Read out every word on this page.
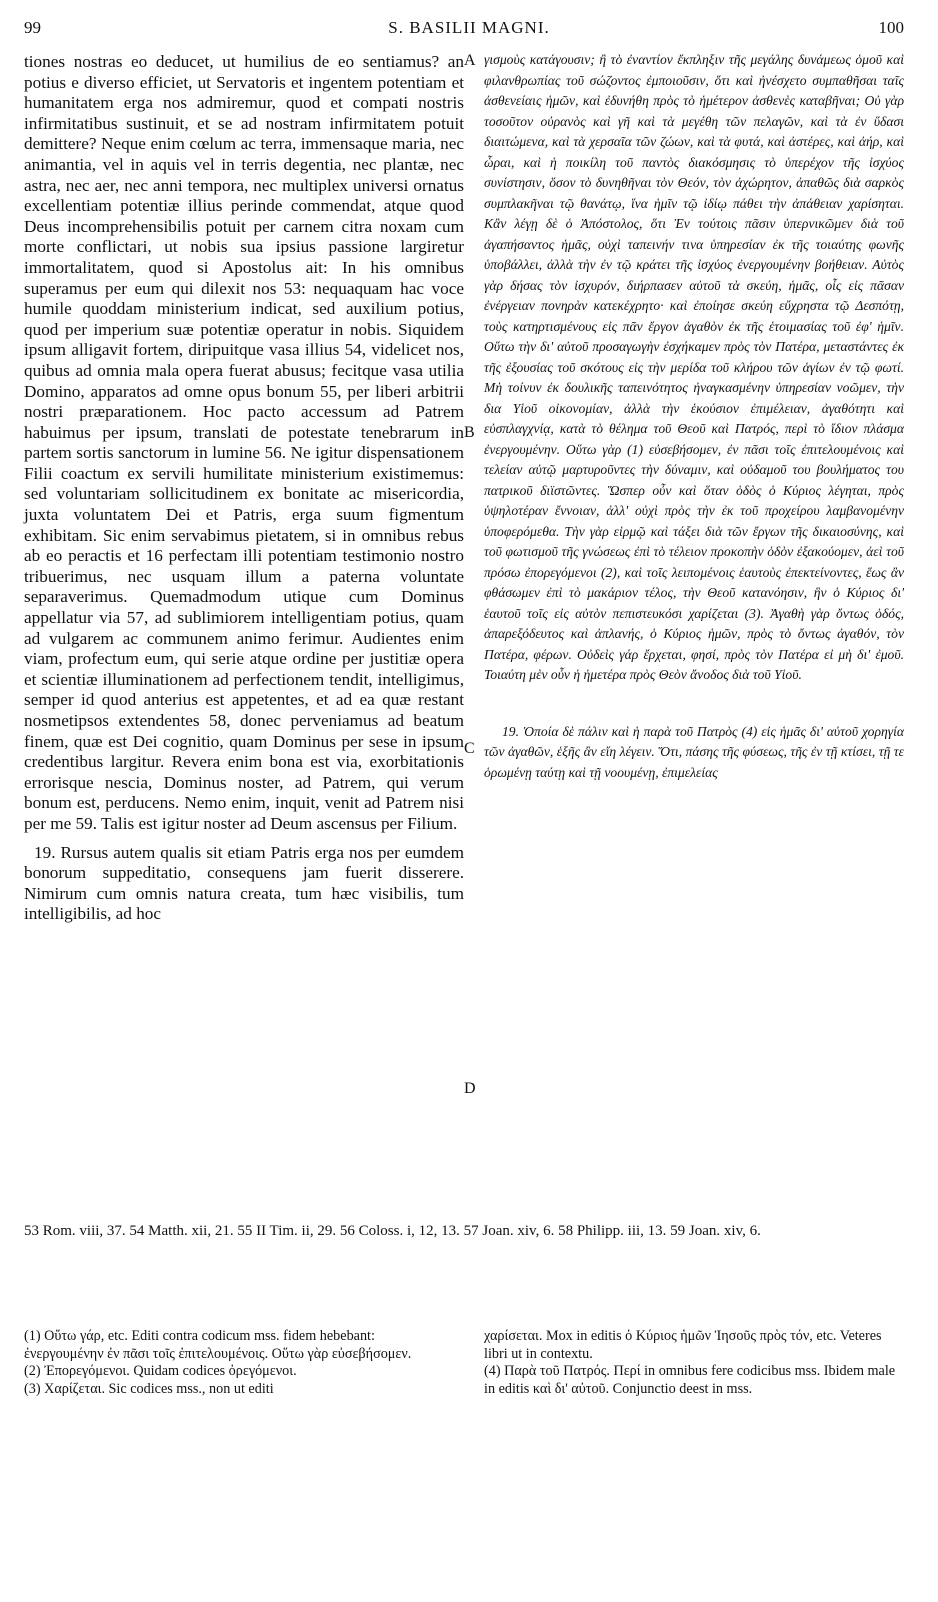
99	S. BASILII MAGNI.	100

tiones nostras eo deducet, ut humilius de eo sentiamus? an potius e diverso efficiet, ut Servatoris et ingentem potentiam et humanitatem erga nos admiremur, quod et compati nostris infirmitatibus sustinuit, et se ad nostram infirmitatem potuit demittere? Neque enim cœlum ac terra, immensaque maria, nec animantia, vel in aquis vel in terris degentia, nec plantæ, nec astra, nec aer, nec anni tempora, nec multiplex universi ornatus excellentiam potentiæ illius perinde commendat, atque quod Deus incomprehensibilis potuit per carnem citra noxam cum morte conflictari, ut nobis sua ipsius passione largiretur immortalitatem, quod si Apostolus ait: In his omnibus superamus per eum qui dilexit nos 53: nequaquam hac voce humile quoddam ministerium indicat, sed auxilium potius, quod per imperium suæ potentiæ operatur in nobis. Siquidem ipsum alligavit fortem, diripuitque vasa illius 54, videlicet nos, quibus ad omnia mala opera fuerat abusus; fecitque vasa utilia Domino, apparatos ad omne opus bonum 55, per liberi arbitrii nostri præparationem. Hoc pacto accessum ad Patrem habuimus per ipsum, translati de potestate tenebrarum in partem sortis sanctorum in lumine 56. Ne igitur dispensationem Filii coactum ex servili humilitate ministerium existimemus: sed voluntariam sollicitudinem ex bonitate ac misericordia, juxta voluntatem Dei et Patris, erga suum figmentum exhibitam. Sic enim servabimus pietatem, si in omnibus rebus ab eo peractis et 16 perfectam illi potentiam testimonio nostro tribuerimus, nec usquam illum a paterna voluntate separaverimus. Quemadmodum utique cum Dominus appellatur via 57, ad sublimiorem intelligentiam potius, quam ad vulgarem ac communem animo ferimur. Audientes enim viam, profectum eum, qui serie atque ordine per justitiæ opera et scientiæ illuminationem ad perfectionem tendit, intelligimus, semper id quod anterius est appetentes, et ad ea quæ restant nosmetipsos extendentes 58, donec perveniamus ad beatum finem, quæ est Dei cognitio, quam Dominus per sese in ipsum credentibus largitur. Revera enim bona est via, exorbitationis errorisque nescia, Dominus noster, ad Patrem, qui verum bonum est, perducens. Nemo enim, inquit, venit ad Patrem nisi per me 59. Talis est igitur noster ad Deum ascensus per Filium.

19. Rursus autem qualis sit etiam Patris erga nos per eumdem bonorum suppeditatio, consequens jam fuerit disserere. Nimirum cum omnis natura creata, tum hæc visibilis, tum intelligibilis, ad hoc

γισμοὺς κατάγουσιν; ἢ τὸ ἐναντίον ἔκπληξιν τῆς μεγάλης δυνάμεως ὁμοῦ καὶ φιλανθρωπίας τοῦ σώζοντος ἐμποιοῦσιν, ὅτι καὶ ἠνέσχετο συμπαθῆσαι ταῖς ἀσθενείαις ἡμῶν, καὶ ἐδυνήθη πρὸς τὸ ἡμέτερον ἀσθενὲς καταβῆναι; Οὐ γὰρ τοσοῦτον οὐρανὸς καὶ γῆ καὶ τὰ μεγέθη τῶν πελαγῶν, καὶ τὰ ἐν ὕδασι διαιτώμενα, καὶ τὰ χερσαῖα τῶν ζώων, καὶ τὰ φυτά, καὶ ἀστέρες, καὶ ἀήρ, καὶ ὧραι, καὶ ἡ ποικίλη τοῦ παντὸς διακόσμησις τὸ ὑπερέχον τῆς ἰσχύος συνίστησιν, ὅσον τὸ δυνηθῆναι τὸν Θεόν, τὸν ἀχώρητον, ἀπαθῶς διὰ σαρκὸς συμπλακῆναι τῷ θανάτῳ, ἵνα ἡμῖν τῷ ἰδίῳ πάθει τὴν ἀπάθειαν χαρίσηται. Κἂν λέγῃ δὲ ὁ Ἀπόστολος, ὅτι Ἐν τούτοις πᾶσιν ὑπερνικῶμεν διὰ τοῦ ἀγαπήσαντος ἡμᾶς, οὐχὶ ταπεινήν τινα ὑπηρεσίαν ἐκ τῆς τοιαύτης φωνῆς ὑποβάλλει, ἀλλὰ τὴν ἐν τῷ κράτει τῆς ἰσχύος ἐνεργουμένην βοήθειαν. Αὐτὸς γὰρ δήσας τὸν ἰσχυρόν, διήρπασεν αὐτοῦ τὰ σκεύη, ἡμᾶς, οἷς εἰς πᾶσαν ἐνέργειαν πονηρὰν κατεκέχρητο· καὶ ἐποίησε σκεύη εὔχρηστα τῷ Δεσπότῃ, τοὺς κατηρτισμένους εἰς πᾶν ἔργον ἀγαθὸν ἐκ τῆς ἑτοιμασίας τοῦ ἐφ' ἡμῖν. Οὕτω τὴν δι' αὐτοῦ προσαγωγὴν ἐσχήκαμεν πρὸς τὸν Πατέρα, μεταστάντες ἐκ τῆς ἐξουσίας τοῦ σκότους εἰς τὴν μερίδα τοῦ κλήρου τῶν ἁγίων ἐν τῷ φωτί. Μὴ τοίνυν ἐκ δουλικῆς ταπεινότητος ἠναγκασμένην ὑπηρεσίαν νοῶμεν, τὴν δια Υἱοῦ οἰκονομίαν, ἀλλὰ τὴν ἑκούσιον ἐπιμέλειαν, ἀγαθότητι καὶ εὐσπλαγχνίᾳ, κατὰ τὸ θέλημα τοῦ Θεοῦ καὶ Πατρός, περὶ τὸ ἴδιον πλάσμα ἐνεργουμένην. Οὕτω γὰρ (1) εὐσεβήσομεν, ἐν πᾶσι τοῖς ἐπιτελουμένοις καὶ τελείαν αὐτῷ μαρτυροῦντες τὴν δύναμιν, καὶ οὐδαμοῦ του βουλήματος του πατρικοῦ διϊστῶντες. Ὥσπερ οὖν καὶ ὅταν ὁδὸς ὁ Κύριος λέγηται, πρὸς ὑψηλοτέραν ἔννοιαν, ἀλλ' οὐχὶ πρὸς τὴν ἐκ τοῦ προχείρου λαμβανομένην ὑποφερόμεθα. Τὴν γὰρ εἱρμῷ καὶ τάξει διὰ τῶν ἔργων τῆς δικαιοσύνης, καὶ τοῦ φωτισμοῦ τῆς γνώσεως ἐπὶ τὸ τέλειον προκοπὴν ὁδὸν ἐξακούομεν, ἀεὶ τοῦ πρόσω ἐπορεγόμενοι (2), καὶ τοῖς λειπομένοις ἑαυτοὺς ἐπεκτείνοντες, ἕως ἂν φθάσωμεν ἐπὶ τὸ μακάριον τέλος, τὴν Θεοῦ κατανόησιν, ἣν ὁ Κύριος δι' ἑαυτοῦ τοῖς εἰς αὐτὸν πεπιστευκόσι χαρίζεται (3). Ἀγαθὴ γὰρ ὄντως ὁδός, ἀπαρεξόδευτος καὶ ἀπλανής, ὁ Κύριος ἡμῶν, πρὸς τὸ ὄντως ἀγαθόν, τὸν Πατέρα, φέρων. Οὐδεὶς γάρ ἔρχεται, φησί, πρὸς τὸν Πατέρα εἰ μὴ δι' ἐμοῦ. Τοιαύτη μὲν οὖν ἡ ἡμετέρα πρὸς Θεὸν ἄνοδος διὰ τοῦ Υἱοῦ.

19. Ὁποία δὲ πάλιν καὶ ἡ παρὰ τοῦ Πατρὸς (4) εἰς ἡμᾶς δι' αὐτοῦ χορηγία τῶν ἀγαθῶν, ἑξῆς ἂν εἴη λέγειν. Ὅτι, πάσης τῆς φύσεως, τῆς ἐν τῇ κτίσει, τῇ τε ὁρωμένῃ ταύτῃ καὶ τῇ νοουμένῃ, ἐπιμελείας

A
B
C
D
53 Rom. viii, 37. 54 Matth. xii, 21. 55 II Tim. ii, 29. 56 Coloss. i, 12, 13. 57 Joan. xiv, 6. 58 Philipp. iii, 13. 59 Joan. xiv, 6.

(1) Οὕτω γάρ, etc. Editi contra codicum mss. fidem hebebant: ἐνεργουμένην ἐν πᾶσι τοῖς ἐπιτελουμένοις. Οὕτω γὰρ εὐσεβήσομεν.

(2) Ἐπορεγόμενοι. Quidam codices ὀρεγόμενοι.

(3) Χαρίζεται. Sic codices mss., non ut editi

χαρίσεται. Mox in editis ὁ Κύριος ἡμῶν Ἰησοῦς πρὸς τόν, etc. Veteres libri ut in contextu.

(4) Παρὰ τοῦ Πατρός. Περί in omnibus fere codicibus mss. Ibidem male in editis καὶ δι' αὐτοῦ. Conjunctio deest in mss.
